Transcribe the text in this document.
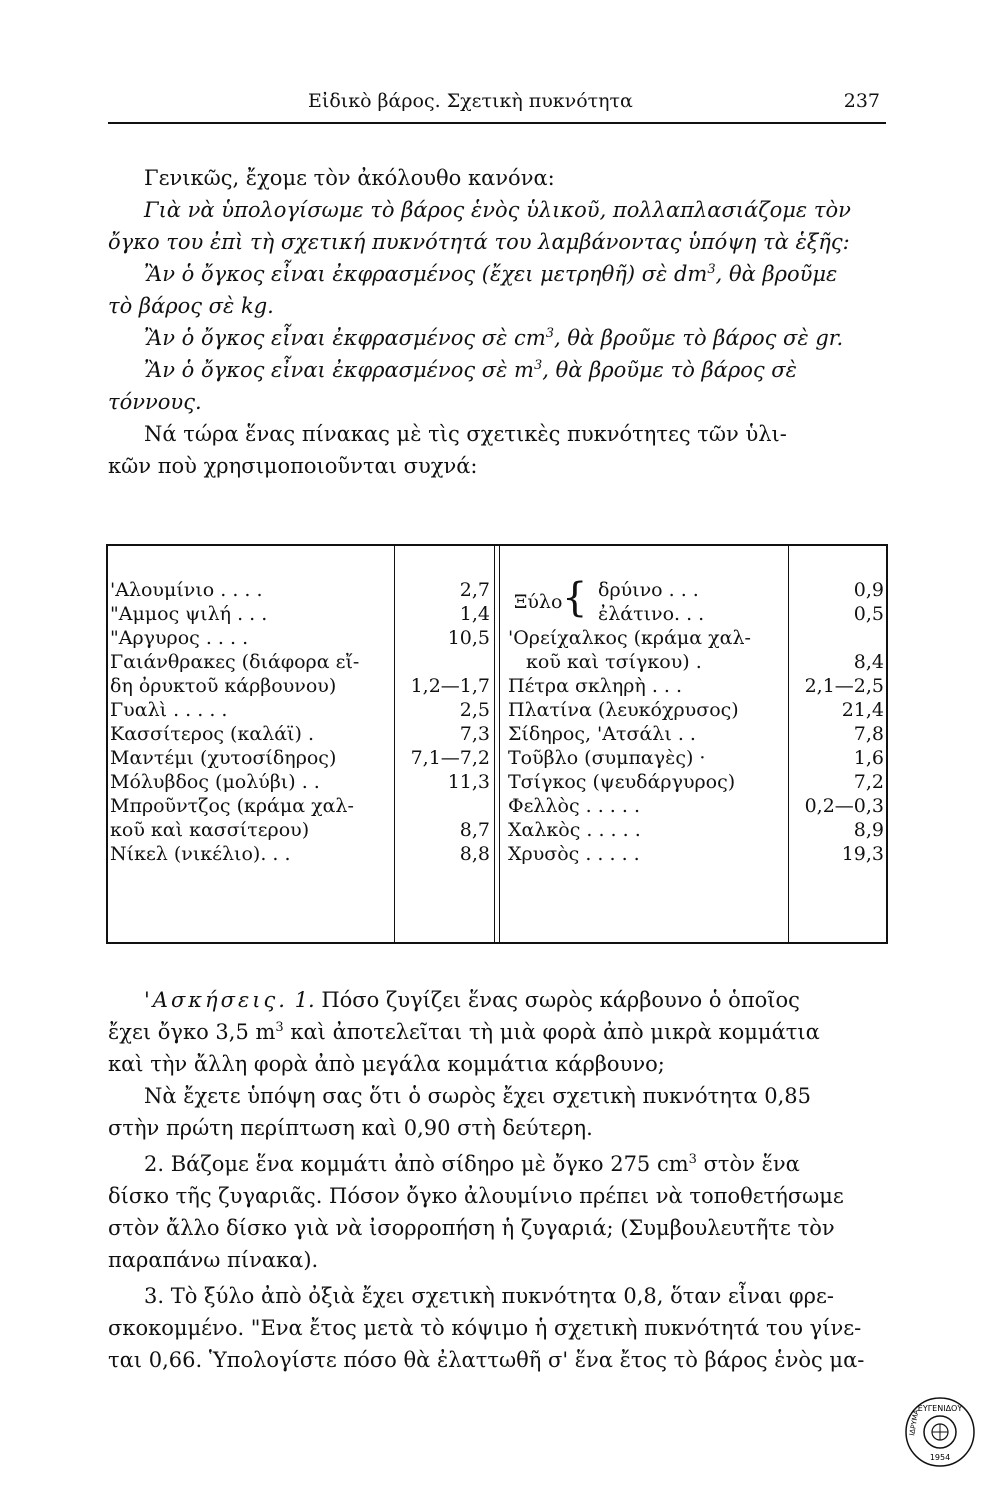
Εἰδικὸ βάρος. Σχετικὴ πυκνότητα	237
Γενικῶς, ἔχομε τὸν ἀκόλουθο κανόνα:
Γιὰ νὰ ὑπολογίσωμε τὸ βάρος ἑνὸς ὑλικοῦ, πολλαπλασιάζομε τὸν
ὄγκο του ἐπὶ τὴ σχετική πυκνότητά του λαμβάνοντας ὑπόψη τὰ ἑξῆς:
Ἂν ὁ ὄγκος εἶναι ἐκφρασμένος (ἔχει μετρηθῆ) σὲ $dm^3$, θὰ βροῦμε
τὸ βάρος σὲ kg.
Ἂν ὁ ὄγκος εἶναι ἐκφρασμένος σὲ $cm^3$, θὰ βροῦμε τὸ βάρος σὲ gr.
Ἂν ὁ ὄγκος εἶναι ἐκφρασμένος σὲ $m^3$, θὰ βροῦμε τὸ βάρος σὲ
τόννους.
Νά τώρα ἕνας πίνακας μὲ τὶς σχετικὲς πυκνότητες τῶν ὑλι-
κῶν ποὺ χρησιμοποιοῦνται συχνά:
'Αλουμίνιο . . . .
"Αμμος ψιλή . . .
"Αργυρος . . . .
Γαιάνθρακες (διάφορα εἴ-
δη ὀρυκτοῦ κάρβουνου)
Γυαλὶ . . . . .
Κασσίτερος (καλάϊ) .
Μαντέμι (χυτοσίδηρος)
Μόλυβδος (μολύβι) . .
Μπροῦντζος (κράμα χαλ-
κοῦ καὶ κασσίτερου)
Νίκελ (νικέλιο). . .
2,7
1,4
10,5
1,2—1,7
2,5
7,3
7,1—7,2
11,3
8,7
8,8
Ξύλο { δρύινο . . .
ἐλάτινο. . .
'Ορείχαλκος (κράμα χαλ-
κοῦ καὶ τσίγκου) .
Πέτρα σκληρὴ . . .
Πλατίνα (λευκόχρυσος)
Σίδηρος, 'Ατσάλι . .
Τοῦβλο (συμπαγὲς) ·
Τσίγκος (ψευδάργυρος)
Φελλὸς . . . . .
Χαλκὸς . . . . .
Χρυσὸς . . . . .
0,9
0,5
8,4
2,1—2,5
21,4
7,8
1,6
7,2
0,2—0,3
8,9
19,3
'Ασκήσεις. 1. Πόσο ζυγίζει ἕνας σωρὸς κάρβουνο ὁ ὁποῖος
ἔχει ὄγκο 3,5 $m^3$ καὶ ἀποτελεῖται τὴ μιὰ φορὰ ἀπὸ μικρὰ κομμάτια
καὶ τὴν ἄλλη φορὰ ἀπὸ μεγάλα κομμάτια κάρβουνο;
Νὰ ἔχετε ὑπόψη σας ὅτι ὁ σωρὸς ἔχει σχετικὴ πυκνότητα 0,85
στὴν πρώτη περίπτωση καὶ 0,90 στὴ δεύτερη.
2. Βάζομε ἕνα κομμάτι ἀπὸ σίδηρο μὲ ὄγκο 275 $cm^3$ στὸν ἕνα
δίσκο τῆς ζυγαριᾶς. Πόσον ὄγκο ἀλουμίνιο πρέπει νὰ τοποθετήσωμε
στὸν ἄλλο δίσκο γιὰ νὰ ἰσορροπήση ἡ ζυγαριά; (Συμβουλευτῆτε τὸν
παραπάνω πίνακα).
3. Τὸ ξύλο ἀπὸ ὀξιὰ ἔχει σχετικὴ πυκνότητα 0,8, ὅταν εἶναι φρε-
σκοκομμένο. "Ενα ἔτος μετὰ τὸ κόψιμο ἡ σχετικὴ πυκνότητά του γίνε-
ται 0,66. Ὑπολογίστε πόσο θὰ ἐλαττωθῆ σ' ἕνα ἔτος τὸ βάρος ἑνὸς μα-
ΕΥΓΕΝΙΔΟΥ
ΙΔΡΥΜΑ
1954
